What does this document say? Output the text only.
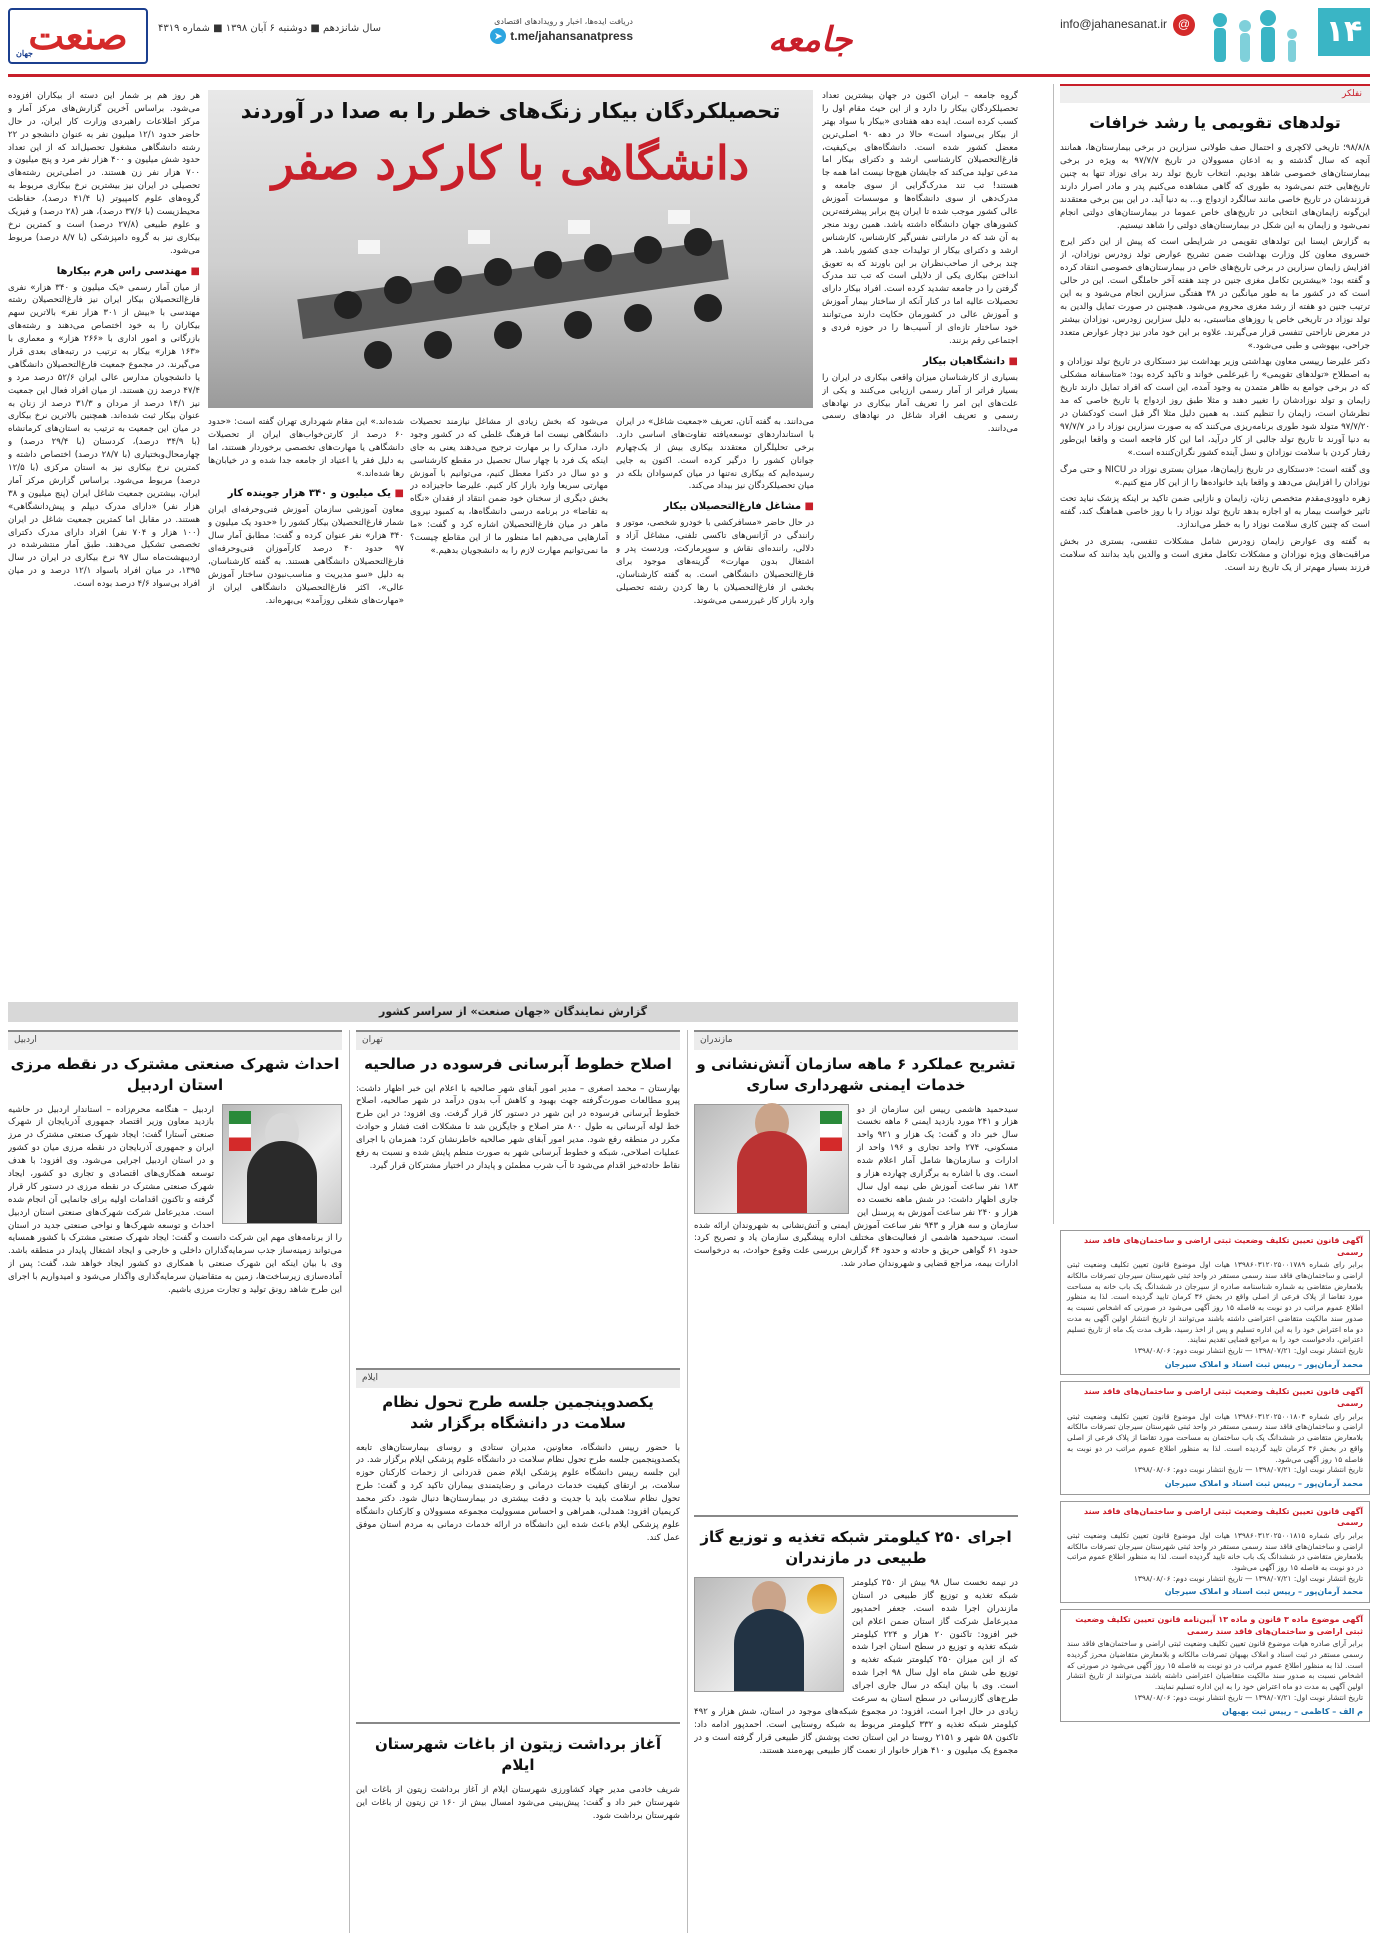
۱۴
info@jahanesanat.ir @
جامعه
دریافت ایده‌ها، اخبار و رویدادهای اقتصادی
➤ t.me/jahansanatpress
سال شانزدهم ■ دوشنبه ۶ آبان ۱۳۹۸ ■ شماره ۴۳۱۹
صنعت
جهان
نفلکر
تولدهای تقویمی یا رشد خرافات

۹۸/۸/۸؛ تاریخی لاکچری و احتمال صف طولانی سزارین در برخی بیمارستان‌ها، همانند آنچه که سال گذشته و به اذعان مسوولان در تاریخ ۹۷/۷/۷ به ویژه در برخی بیمارستان‌های خصوصی شاهد بودیم. انتخاب تاریخ تولد رند برای نوزاد تنها به چنین تاریخ‌هایی ختم نمی‌شود به طوری که گاهی مشاهده می‌کنیم پدر و مادر اصرار دارند فرزندشان در تاریخ خاصی مانند سالگرد ازدواج و... به دنیا آید. در این بین برخی معتقدند این‌گونه زایمان‌های انتخابی در تاریخ‌های خاص عموما در بیمارستان‌های دولتی انجام نمی‌شود و زایمان به این شکل در بیمارستان‌های دولتی را شاهد نیستیم.

به گزارش ایسنا این تولدهای تقویمی در شرایطی است که پیش از این دکتر ایرج خسروی معاون کل وزارت بهداشت ضمن تشریح عوارض تولد زودرس نوزادان، از افزایش زایمان سزارین در برخی تاریخ‌های خاص در بیمارستان‌های خصوصی انتقاد کرده و گفته بود: «بیشترین تکامل مغزی جنین در چند هفته آخر حاملگی است. این در حالی است که در کشور ما به طور میانگین در ۳۸ هفتگی سزارین انجام می‌شود و به این ترتیب جنین دو هفته از رشد مغزی محروم می‌شود. همچنین در صورت تمایل والدین به تولد نوزاد در تاریخی خاص یا روزهای مناسبتی، به دلیل سزارین زودرس، نوزادان بیشتر در معرض ناراحتی تنفسی قرار می‌گیرند. علاوه بر این خود مادر نیز دچار عوارض متعدد جراحی، بیهوشی و طبی می‌شود.»

دکتر علیرضا رییسی معاون بهداشتی وزیر بهداشت نیز دستکاری در تاریخ تولد نوزادان و به اصطلاح «تولدهای تقویمی» را غیرعلمی خواند و تاکید کرده بود: «متاسفانه مشکلی که در برخی جوامع به ظاهر متمدن به وجود آمده، این است که افراد تمایل دارند تاریخ زایمان و تولد نوزادشان را تغییر دهند و مثلا طبق روز ازدواج یا تاریخ خاصی که مد نظرشان است، زایمان را تنظیم کنند. به همین دلیل مثلا اگر قبل است کودکشان در ۹۷/۷/۲۰ متولد شود طوری برنامه‌ریزی می‌کنند که به صورت سزارین نوزاد را در ۹۷/۷/۷ به دنیا آورند تا تاریخ تولد جالبی از کار درآید، اما این کار فاجعه است و واقعا این‌طور رفتار کردن با سلامت نوزادان و نسل آینده کشور نگران‌کننده است.»

وی گفته است: «دستکاری در تاریخ زایمان‌ها، میزان بستری نوزاد در NICU و حتی مرگ نوزادان را افزایش می‌دهد و واقعا باید خانواده‌ها را از این کار منع کنیم.»

زهره داوودی‌مقدم متخصص زنان، زایمان و نازایی ضمن تاکید بر اینکه پزشک نباید تحت تاثیر خواست بیمار به او اجازه بدهد تاریخ تولد نوزاد را با روز خاصی هماهنگ کند، گفته است که چنین کاری سلامت نوزاد را به خطر می‌اندازد.

به گفته وی عوارض زایمان زودرس شامل مشکلات تنفسی، بستری در بخش مراقبت‌های ویژه نوزادان و مشکلات تکامل مغزی است و والدین باید بدانند که سلامت فرزند بسیار مهم‌تر از یک تاریخ رند است.

تحصیلکردگان بیکار زنگ‌های خطر را به صدا در آوردند
دانشگاهی با کارکرد صفر

گروه جامعه – ایران اکنون در جهان بیشترین تعداد تحصیلکردگان بیکار را دارد و از این حیث مقام اول را کسب کرده است. ایده دهه هفتادی «بیکار با سواد بهتر از بیکار بی‌سواد است» حالا در دهه ۹۰ اصلی‌ترین معضل کشور شده است. دانشگاه‌های بی‌کیفیت، فارغ‌التحصیلان کارشناسی ارشد و دکترای بیکار اما مدعی تولید می‌کند که جایشان هیچ‌جا نیست اما همه جا هستند! تب تند مدرک‌گرایی از سوی جامعه و مدرک‌دهی از سوی دانشگاه‌ها و موسسات آموزش عالی کشور موجب شده تا ایران پنج برابر پیشرفته‌ترین کشورهای جهان دانشگاه داشته باشد. همین روند منجر به آن شد که در ماراتنی نفس‌گیر کارشناس، کارشناس ارشد و دکترای بیکار از تولیدات جدی کشور باشد. هر چند برخی از صاحب‌نظران بر این باورند که به تعویق انداختن بیکاری یکی از دلایلی است که تب تند مدرک گرفتن را در جامعه تشدید کرده است. افراد بیکار دارای تحصیلات عالیه اما در کنار آنکه از ساختار بیمار آموزش و آموزش عالی در کشورمان حکایت دارند می‌توانند خود ساختار تازه‌ای از آسیب‌ها را در حوزه فردی و اجتماعی رقم بزنند.

■ دانشگاهیان بیکار

بسیاری از کارشناسان میزان واقعی بیکاری در ایران را بسیار فراتر از آمار رسمی ارزیابی می‌کنند و یکی از علت‌های این امر را تعریف آمار بیکاری در نهادهای رسمی و تعریف افراد شاغل در نهادهای رسمی می‌دانند.

می‌دانند. به گفته آنان، تعریف «جمعیت شاغل» در ایران با استانداردهای توسعه‌یافته تفاوت‌های اساسی دارد. برخی تحلیلگران معتقدند بیکاری بیش از یک‌چهارم جوانان کشور را درگیر کرده است. اکنون به جایی رسیده‌ایم که بیکاری نه‌تنها در میان کم‌سوادان بلکه در میان تحصیلکردگان نیز بیداد می‌کند.

■ مشاغل فارغ‌التحصیلان بیکار

در حال حاضر «مسافرکشی با خودرو شخصی، موتور و رانندگی در آژانس‌های تاکسی تلفنی، مشاغل آزاد و دلالی، راننده‌ای نقاش و سوپرمارکت، وردست پدر و اشتغال بدون مهارت» گزینه‌های موجود برای فارغ‌التحصیلان دانشگاهی است. به گفته کارشناسان، بخشی از فارغ‌التحصیلان با رها کردن رشته تحصیلی وارد بازار کار غیررسمی می‌شوند.

می‌شود که بخش زیادی از مشاغل نیازمند تحصیلات دانشگاهی نیست اما فرهنگ غلطی که در کشور وجود دارد، مدارک را بر مهارت ترجیح می‌دهند یعنی به جای اینکه یک فرد با چهار سال تحصیل در مقطع کارشناسی و دو سال در دکترا معطل کنیم، می‌توانیم با آموزش مهارتی سریعا وارد بازار کار کنیم. علیرضا حاجیزاده در بخش دیگری از سخنان خود ضمن انتقاد از فقدان «نگاه به تقاضا» در برنامه درسی دانشگاه‌ها، به کمبود نیروی ماهر در میان فارغ‌التحصیلان اشاره کرد و گفت: «ما آمارهایی می‌دهیم اما منظور ما از این مقاطع چیست؟ ما نمی‌توانیم مهارت لازم را به دانشجویان بدهیم.»

شده‌اند.» این مقام شهرداری تهران گفته است: «حدود ۶۰ درصد از کارتن‌خواب‌های ایران از تحصیلات دانشگاهی یا مهارت‌های تخصصی برخوردار هستند، اما به دلیل فقر یا اعتیاد از جامعه جدا شده و در خیابان‌ها رها شده‌اند.»

■ یک میلیون و ۳۴۰ هزار جوینده کار

معاون آموزشی سازمان آموزش فنی‌وحرفه‌ای ایران شمار فارغ‌التحصیلان بیکار کشور را «حدود یک میلیون و ۳۴۰ هزار» نفر عنوان کرده و گفت: مطابق آمار سال ۹۷ حدود ۴۰ درصد کارآموزان فنی‌وحرفه‌ای فارغ‌التحصیلان دانشگاهی هستند. به گفته کارشناسان، به دلیل «سو مدیریت و مناسب‌نبودن ساختار آموزش عالی»، اکثر فارغ‌التحصیلان دانشگاهی ایران از «مهارت‌های شغلی روزآمد» بی‌بهره‌اند.

هر روز هم بر شمار این دسته از بیکاران افزوده می‌شود. براساس آخرین گزارش‌های مرکز آمار و مرکز اطلاعات راهبردی وزارت کار ایران، در حال حاضر حدود ۱۲/۱ میلیون نفر به عنوان دانشجو در ۲۲ رشته دانشگاهی مشغول تحصیل‌اند که از این تعداد حدود شش میلیون و ۴۰۰ هزار نفر مرد و پنج میلیون و ۷۰۰ هزار نفر زن هستند. در اصلی‌ترین رشته‌های تحصیلی در ایران نیز بیشترین نرخ بیکاری مربوط به گروه‌های علوم کامپیوتر (با ۴۱/۴ درصد)، حفاظت محیط‌زیست (با ۳۷/۶ درصد)، هنر (۲۸ درصد) و فیزیک و علوم طبیعی (۲۷/۸ درصد) است و کمترین نرخ بیکاری نیز به گروه دامپزشکی (با ۸/۷ درصد) مربوط می‌شود.

■ مهندسی راس هرم بیکارها

از میان آمار رسمی «یک میلیون و ۳۴۰ هزار» نفری فارغ‌التحصیلان بیکار ایران نیز فارغ‌التحصیلان رشته مهندسی با «بیش از ۳۰۱ هزار نفر» بالاترین سهم بیکاران را به خود اختصاص می‌دهند و رشته‌های بازرگانی و امور اداری با «۲۶۶ هزار» و معماری با «۱۶۳ هزار» بیکار به ترتیب در رتبه‌های بعدی قرار می‌گیرند. در مجموع جمعیت فارغ‌التحصیلان دانشگاهی یا دانشجویان مدارس عالی ایران ۵۲/۶ درصد مرد و ۴۷/۴ درصد زن هستند. از میان افراد فعال این جمعیت نیز ۱۴/۱ درصد از مردان و ۳۱/۳ درصد از زنان به عنوان بیکار ثبت شده‌اند. همچنین بالاترین نرخ بیکاری در میان این جمعیت به ترتیب به استان‌های کرمانشاه (با ۳۴/۹ درصد)، کردستان (با ۲۹/۴ درصد) و چهارمحال‌وبختیاری (با ۲۸/۷ درصد) اختصاص داشته و کمترین نرخ بیکاری نیز به استان مرکزی (با ۱۲/۵ درصد) مربوط می‌شود. براساس گزارش مرکز آمار ایران، بیشترین جمعیت شاغل ایران (پنج میلیون و ۳۸ هزار نفر) «دارای مدرک دیپلم و پیش‌دانشگاهی» هستند. در مقابل اما کمترین جمعیت شاغل در ایران (۱۰۰ هزار و ۷۰۴ نفر) افراد دارای مدرک دکترای تخصصی تشکیل می‌دهند. طبق آمار منتشرشده در اردیبهشت‌ماه سال ۹۷ نرخ بیکاری در ایران در سال ۱۳۹۵، در میان افراد باسواد ۱۲/۱ درصد و در میان افراد بی‌سواد ۴/۶ درصد بوده است.

گزارش نمایندگان «جهان صنعت» از سراسر کشور
مازندران
تشریح عملکرد ۶ ماهه سازمان آتش‌نشانی و خدمات ایمنی شهرداری ساری

سیدحمید هاشمی رییس این سازمان از دو هزار و ۲۴۱ مورد بازدید ایمنی ۶ ماهه نخست سال خبر داد و گفت: یک هزار و ۹۲۱ واحد مسکونی، ۲۷۴ واحد تجاری و ۱۹۶ واحد از ادارات و سازمان‌ها شامل آمار اعلام شده است. وی با اشاره به برگزاری چهارده هزار و ۱۸۳ نفر ساعت آموزش طی نیمه اول سال جاری اظهار داشت: در شش ماهه نخست ده هزار و ۲۴۰ نفر ساعت آموزش به پرسنل این سازمان و سه هزار و ۹۴۳ نفر ساعت آموزش ایمنی و آتش‌نشانی به شهروندان ارائه شده است. سیدحمید هاشمی از فعالیت‌های مختلف اداره پیشگیری سازمان یاد و تصریح کرد: حدود ۶۱ گواهی حریق و حادثه و حدود ۶۴ گزارش بررسی علت وقوع حوادث، به درخواست ادارات بیمه، مراجع قضایی و شهروندان صادر شد.

اجرای ۲۵۰ کیلومتر شبکه تغذیه و توزیع گاز طبیعی در مازندران

در نیمه نخست سال ۹۸ بیش از ۲۵۰ کیلومتر شبکه تغذیه و توزیع گاز طبیعی در استان مازندران اجرا شده است. جعفر احمدپور مدیرعامل شرکت گاز استان ضمن اعلام این خبر افزود: تاکنون ۲۰ هزار و ۲۲۴ کیلومتر شبکه تغذیه و توزیع در سطح استان اجرا شده که از این میزان ۲۵۰ کیلومتر شبکه تغذیه و توزیع طی شش ماه اول سال ۹۸ اجرا شده است. وی با بیان اینکه در سال جاری اجرای طرح‌های گازرسانی در سطح استان به سرعت زیادی در حال اجرا است، افزود: در مجموع شبکه‌های موجود در استان، شش هزار و ۴۹۲ کیلومتر شبکه تغذیه و ۳۳۲ کیلومتر مربوط به شبکه روستایی است. احمدپور ادامه داد: تاکنون ۵۸ شهر و ۲۱۵۱ روستا در این استان تحت پوشش گاز طبیعی قرار گرفته است و در مجموع یک میلیون و ۴۱۰ هزار خانوار از نعمت گاز طبیعی بهره‌مند هستند.

تهران
اصلاح خطوط آبرسانی فرسوده در صالحیه

بهارستان – محمد اصغری – مدیر امور آبفای شهر صالحیه با اعلام این خبر اظهار داشت: پیرو مطالعات صورت‌گرفته جهت بهبود و کاهش آب بدون درآمد در شهر صالحیه، اصلاح خطوط آبرسانی فرسوده در این شهر در دستور کار قرار گرفت. وی افزود: در این طرح خط لوله آبرسانی به طول ۸۰۰ متر اصلاح و جایگزین شد تا مشکلات افت فشار و حوادث مکرر در منطقه رفع شود. مدیر امور آبفای شهر صالحیه خاطرنشان کرد: همزمان با اجرای عملیات اصلاحی، شبکه و خطوط آبرسانی شهر به صورت منظم پایش شده و نسبت به رفع نقاط حادثه‌خیز اقدام می‌شود تا آب شرب مطمئن و پایدار در اختیار مشترکان قرار گیرد.

ایلام
یکصدوپنجمین جلسه طرح تحول نظام سلامت در دانشگاه برگزار شد

با حضور رییس دانشگاه، معاونین، مدیران ستادی و روسای بیمارستان‌های تابعه یکصدوپنجمین جلسه طرح تحول نظام سلامت در دانشگاه علوم پزشکی ایلام برگزار شد. در این جلسه رییس دانشگاه علوم پزشکی ایلام ضمن قدردانی از زحمات کارکنان حوزه سلامت، بر ارتقای کیفیت خدمات درمانی و رضایتمندی بیماران تاکید کرد و گفت: طرح تحول نظام سلامت باید با جدیت و دقت بیشتری در بیمارستان‌ها دنبال شود. دکتر محمد کریمیان افزود: همدلی، همراهی و احساس مسوولیت مجموعه مسوولان و کارکنان دانشگاه علوم پزشکی ایلام باعث شده این دانشگاه در ارائه خدمات درمانی به مردم استان موفق عمل کند.

آغاز برداشت زیتون از باغات شهرستان ایلام

شریف خادمی مدیر جهاد کشاورزی شهرستان ایلام از آغاز برداشت زیتون از باغات این شهرستان خبر داد و گفت: پیش‌بینی می‌شود امسال بیش از ۱۶۰ تن زیتون از باغات این شهرستان برداشت شود.

اردبیل
احداث شهرک صنعتی مشترک در نقطه مرزی استان اردبیل

اردبیل – هنگامه محرم‌زاده – استاندار اردبیل در حاشیه بازدید معاون وزیر اقتصاد جمهوری آذربایجان از شهرک صنعتی آستارا گفت: ایجاد شهرک صنعتی مشترک در مرز ایران و جمهوری آذربایجان در نقطه مرزی میان دو کشور و در استان اردبیل اجرایی می‌شود. وی افزود: با هدف توسعه همکاری‌های اقتصادی و تجاری دو کشور، ایجاد شهرک صنعتی مشترک در نقطه مرزی در دستور کار قرار گرفته و تاکنون اقدامات اولیه برای جانمایی آن انجام شده است. مدیرعامل شرکت شهرک‌های صنعتی استان اردبیل احداث و توسعه شهرک‌ها و نواحی صنعتی جدید در استان را از برنامه‌های مهم این شرکت دانست و گفت: ایجاد شهرک صنعتی مشترک با کشور همسایه می‌تواند زمینه‌ساز جذب سرمایه‌گذاران داخلی و خارجی و ایجاد اشتغال پایدار در منطقه باشد. وی با بیان اینکه این شهرک صنعتی با همکاری دو کشور ایجاد خواهد شد، گفت: پس از آماده‌سازی زیرساخت‌ها، زمین به متقاضیان سرمایه‌گذاری واگذار می‌شود و امیدواریم با اجرای این طرح شاهد رونق تولید و تجارت مرزی باشیم.

آگهی قانون تعیین تکلیف وضعیت ثبتی اراضی و ساختمان‌های فاقد سند رسمی
برابر رای شماره ۱۳۹۸۶۰۳۱۲۰۲۵۰۰۱۷۸۹ هیات اول موضوع قانون تعیین تکلیف وضعیت ثبتی اراضی و ساختمان‌های فاقد سند رسمی مستقر در واحد ثبتی شهرستان سیرجان تصرفات مالکانه بلامعارض متقاضی به شماره شناسنامه صادره از سیرجان در ششدانگ یک باب خانه به مساحت مورد تقاضا از پلاک فرعی از اصلی واقع در بخش ۳۶ کرمان تایید گردیده است. لذا به منظور اطلاع عموم مراتب در دو نوبت به فاصله ۱۵ روز آگهی می‌شود در صورتی که اشخاص نسبت به صدور سند مالکیت متقاضی اعتراضی داشته باشند می‌توانند از تاریخ انتشار اولین آگهی به مدت دو ماه اعتراض خود را به این اداره تسلیم و پس از اخذ رسید، ظرف مدت یک ماه از تاریخ تسلیم اعتراض، دادخواست خود را به مراجع قضایی تقدیم نمایند.
تاریخ انتشار نوبت اول: ۱۳۹۸/۰۷/۲۱ — تاریخ انتشار نوبت دوم: ۱۳۹۸/۰۸/۰۶
محمد آرمان‌پور – رییس ثبت اسناد و املاک سیرجان
آگهی قانون تعیین تکلیف وضعیت ثبتی اراضی و ساختمان‌های فاقد سند رسمی
برابر رای شماره ۱۳۹۸۶۰۳۱۲۰۲۵۰۰۱۸۰۳ هیات اول موضوع قانون تعیین تکلیف وضعیت ثبتی اراضی و ساختمان‌های فاقد سند رسمی مستقر در واحد ثبتی شهرستان سیرجان تصرفات مالکانه بلامعارض متقاضی در ششدانگ یک باب ساختمان به مساحت مورد تقاضا از پلاک فرعی از اصلی واقع در بخش ۳۶ کرمان تایید گردیده است. لذا به منظور اطلاع عموم مراتب در دو نوبت به فاصله ۱۵ روز آگهی می‌شود.
تاریخ انتشار نوبت اول: ۱۳۹۸/۰۷/۲۱ — تاریخ انتشار نوبت دوم: ۱۳۹۸/۰۸/۰۶
محمد آرمان‌پور – رییس ثبت اسناد و املاک سیرجان
آگهی قانون تعیین تکلیف وضعیت ثبتی اراضی و ساختمان‌های فاقد سند رسمی
برابر رای شماره ۱۳۹۸۶۰۳۱۲۰۲۵۰۰۱۸۱۵ هیات اول موضوع قانون تعیین تکلیف وضعیت ثبتی اراضی و ساختمان‌های فاقد سند رسمی مستقر در واحد ثبتی شهرستان سیرجان تصرفات مالکانه بلامعارض متقاضی در ششدانگ یک باب خانه تایید گردیده است. لذا به منظور اطلاع عموم مراتب در دو نوبت به فاصله ۱۵ روز آگهی می‌شود.
تاریخ انتشار نوبت اول: ۱۳۹۸/۰۷/۲۱ — تاریخ انتشار نوبت دوم: ۱۳۹۸/۰۸/۰۶
محمد آرمان‌پور – رییس ثبت اسناد و املاک سیرجان
آگهی موضوع ماده ۳ قانون و ماده ۱۳ آیین‌نامه قانون تعیین تکلیف وضعیت ثبتی اراضی و ساختمان‌های فاقد سند رسمی
برابر آرای صادره هیات موضوع قانون تعیین تکلیف وضعیت ثبتی اراضی و ساختمان‌های فاقد سند رسمی مستقر در ثبت اسناد و املاک بهبهان تصرفات مالکانه و بلامعارض متقاضیان محرز گردیده است. لذا به منظور اطلاع عموم مراتب در دو نوبت به فاصله ۱۵ روز آگهی می‌شود در صورتی که اشخاص نسبت به صدور سند مالکیت متقاضیان اعتراضی داشته باشند می‌توانند از تاریخ انتشار اولین آگهی به مدت دو ماه اعتراض خود را به این اداره تسلیم نمایند.
تاریخ انتشار نوبت اول: ۱۳۹۸/۰۷/۲۱ — تاریخ انتشار نوبت دوم: ۱۳۹۸/۰۸/۰۶
م الف – کاظمی – رییس ثبت بهبهان
